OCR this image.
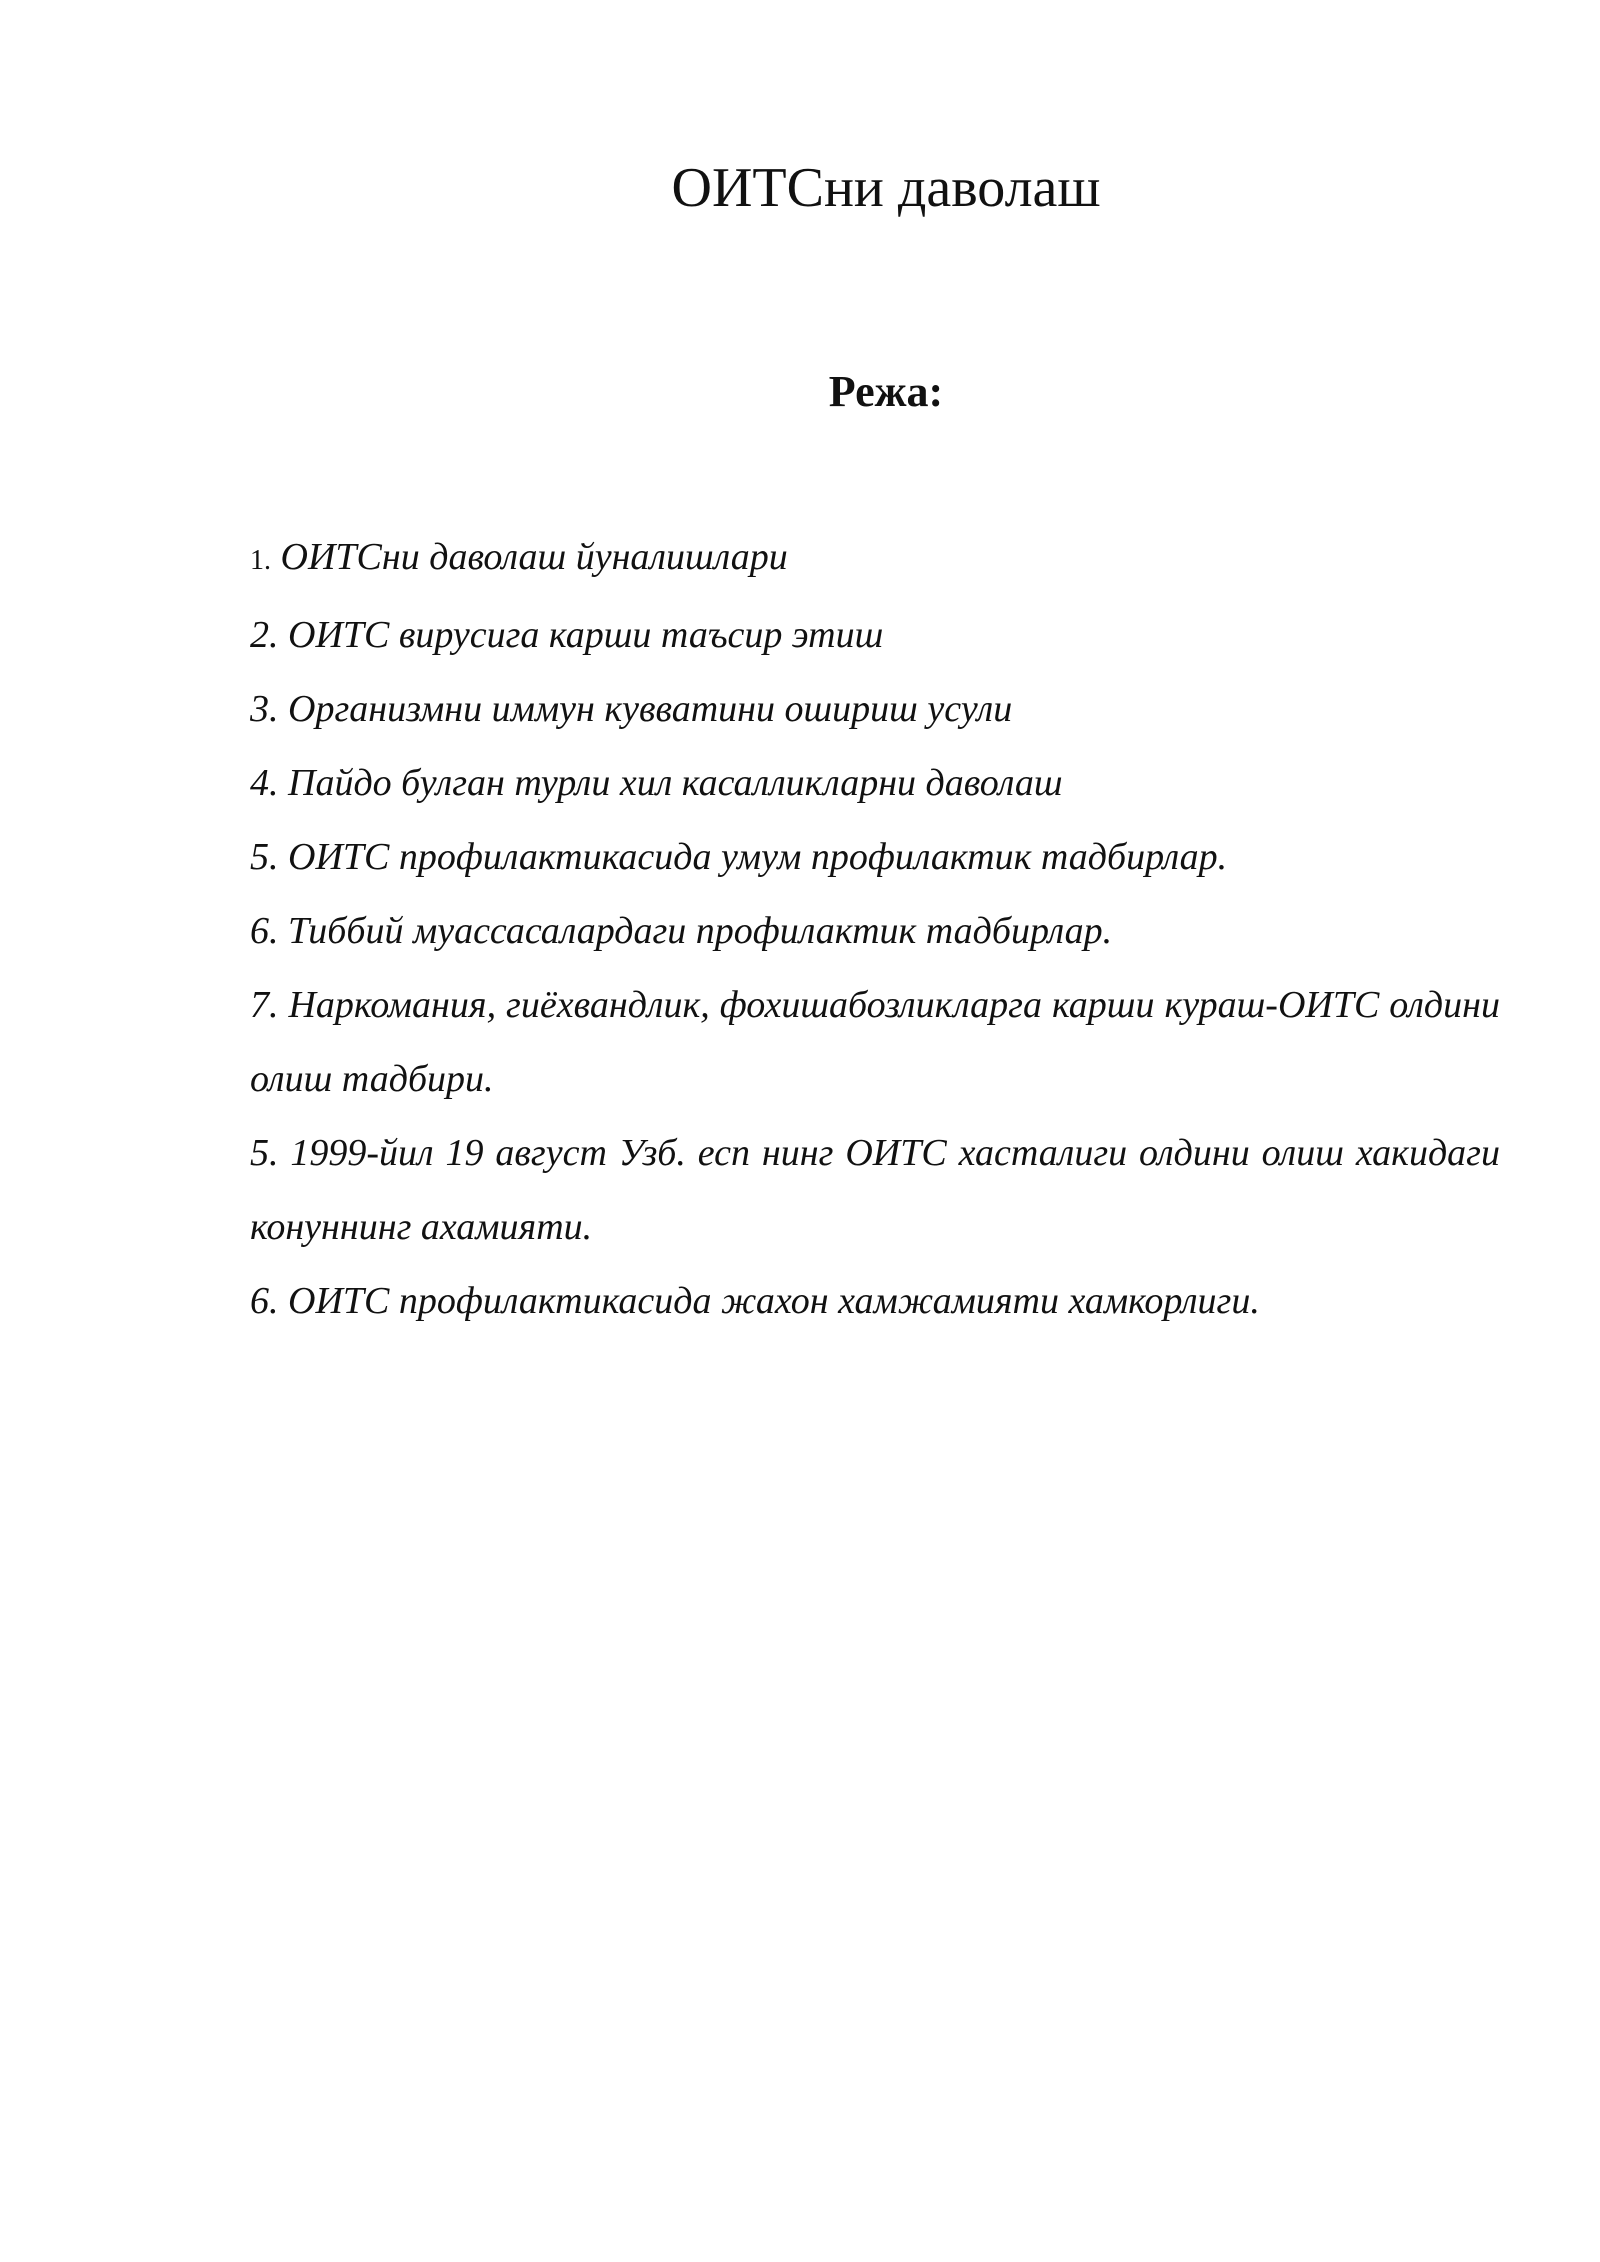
ОИТСни даволаш
Режа:
1. ОИТСни даволаш йуналишлари
2. ОИТС вирусига карши таъсир этиш
3. Организмни иммун кувватини ошириш усули
4. Пайдо булган турли хил касалликларни даволаш
5. ОИТС профилактикасида умум профилактик тадбирлар.
6. Тиббий муассасалардаги профилактик тадбирлар.
7. Наркомания, гиёхвандлик, фохишабозликларга карши кураш-ОИТС олдини олиш тадбири.
5. 1999-йил 19 август Узб. есп нинг ОИТС хасталиги олдини олиш хакидаги конуннинг ахамияти.
6. ОИТС профилактикасида жахон хамжамияти хамкорлиги.
